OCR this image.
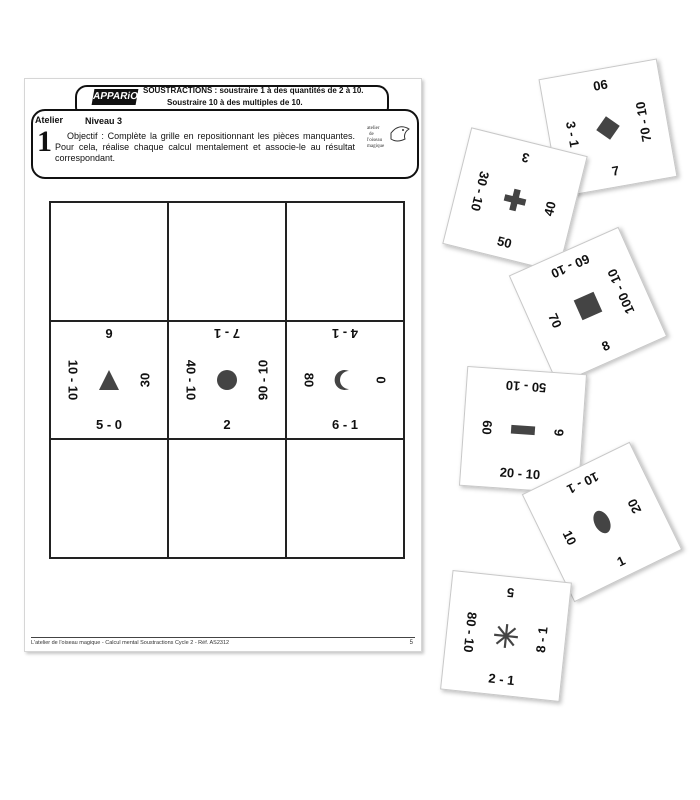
APPARiO
SOUSTRACTIONS : soustraire 1 à des quantités de 2 à 10.
Soustraire 10 à des multiples de 10.
Atelier
1
Niveau 3
Objectif : Complète la grille en repositionnant les pièces manquantes. Pour cela, réalise chaque calcul mentalement et associe-le au résultat correspondant.
atelier
de
l'oiseau
magique
6
5 - 0
10 - 10	30
7 - 1
2
40 - 10	90 - 10
4 - 1
6 - 1
80	0
L'atelier de l'oiseau magique - Calcul mental Soustractions Cycle 2 - Réf. AS2312	5
90
7
3 - 1	70 - 10
3
50
30 - 10	40
60 - 10
8
70
100 - 10
50 - 10
20 - 10
60	6
10 - 1
1
10
20
5
2 - 1
80 - 10	8 - 1
